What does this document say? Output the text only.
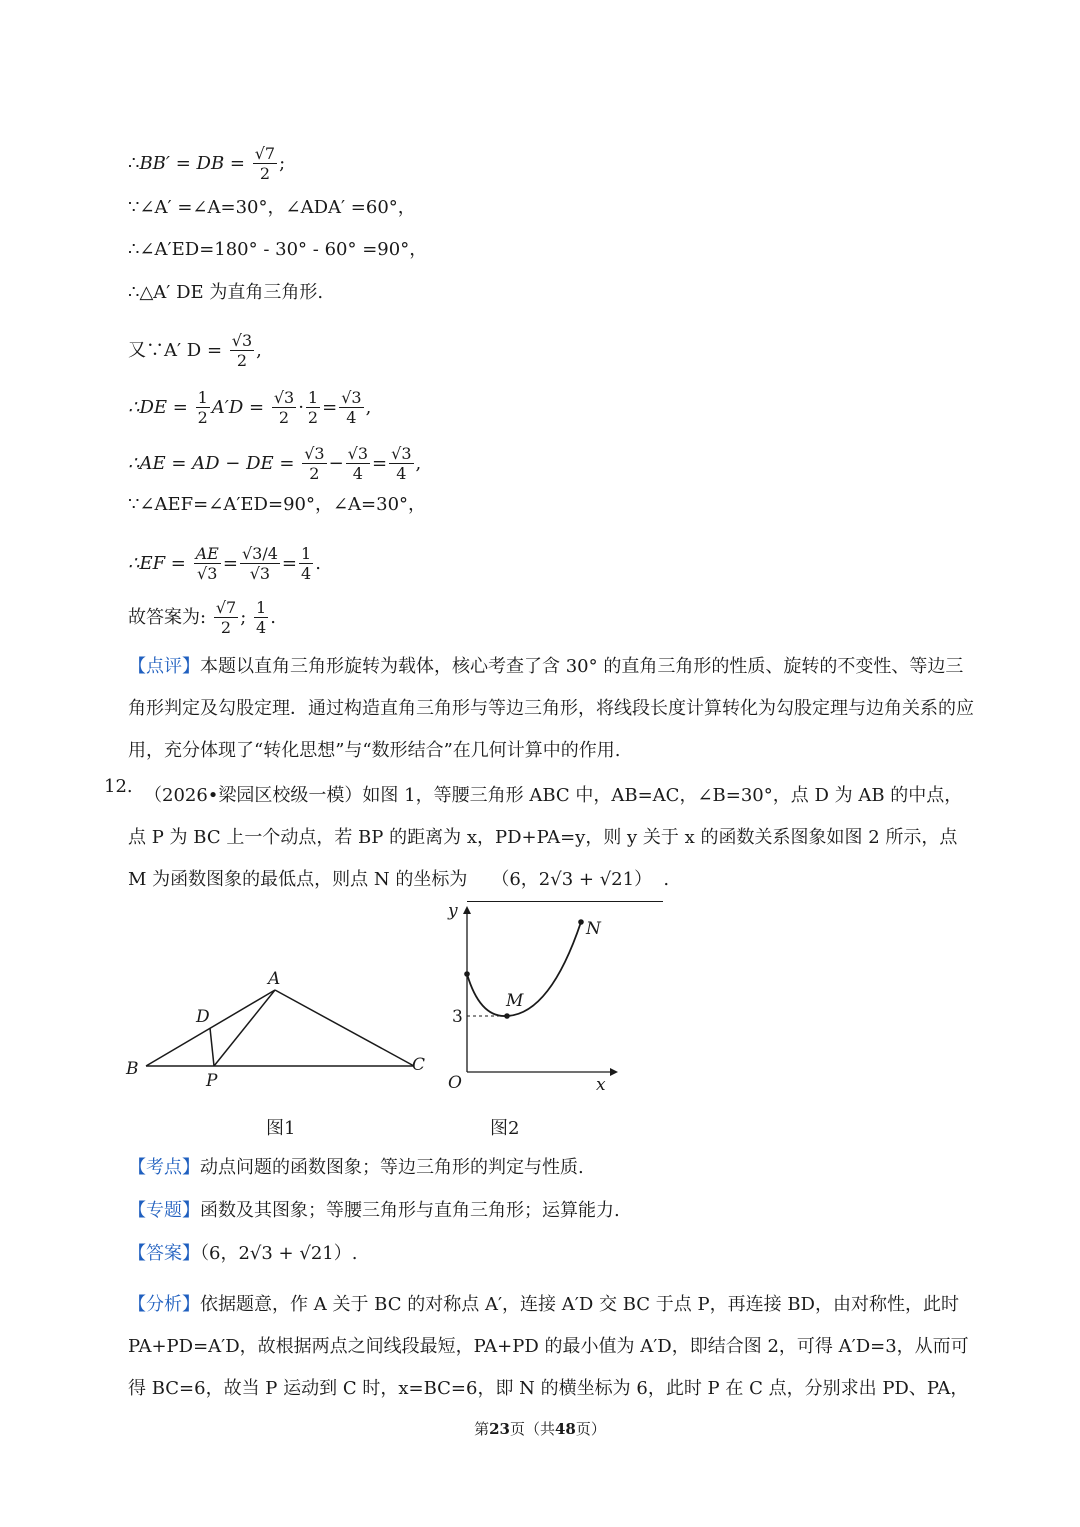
∴BB′ = DB = $\frac{√7}{2}$ ;
∵∠A′ =∠A=30°，∠ADA′ =60°，
∴∠A′ED=180° - 30° - 60° =90°，
∴△A′ DE 为直角三角形.
又∵A′ $D = \frac{√3}{2}$ ,
∴DE = $\frac{1}{2} A'D = \frac{√3}{2} \cdot \frac{1}{2} = \frac{√3}{4}$ ,
∴AE = AD − DE = $\frac{√3}{2} - \frac{√3}{4} = \frac{√3}{4}$ ,
∵∠AEF=∠A′ED=90°，∠A=30°，
∴EF = $\frac{AE}{√3} = \frac{√3/4}{√3} = \frac{1}{4}$ .
故答案为: $\frac{√7}{2}$ ; $\frac{1}{4}$ .
【点评】本题以直角三角形旋转为载体，核心考查了含 30° 的直角三角形的性质、旋转的不变性、等边三角形判定及勾股定理．通过构造直角三角形与等边三角形，将线段长度计算转化为勾股定理与边角关系的应用，充分体现了“转化思想”与“数形结合”在几何计算中的作用.
12. （2026•梁园区校级一模）如图 1，等腰三角形 ABC 中，AB=AC，∠B=30°，点 D 为 AB 的中点，点 P 为 BC 上一个动点，若 BP 的距离为 x，PD+PA=y，则 y 关于 x 的函数关系图象如图 2 所示，点 M 为函数图象的最低点，则点 N 的坐标为 （6，2√3 + √21） .
A
B	C
D
P
图1
y
x
O
M
N
3
图2
【考点】动点问题的函数图象；等边三角形的判定与性质.
【专题】函数及其图象；等腰三角形与直角三角形；运算能力.
【答案】（6，2√3 + √21）.
【分析】依据题意，作 A 关于 BC 的对称点 A′，连接 A′D 交 BC 于点 P，再连接 BD，由对称性，此时 PA+PD=A′D，故根据两点之间线段最短，PA+PD 的最小值为 A′D，即结合图 2，可得 A′D=3，从而可得 BC=6，故当 P 运动到 C 时，x=BC=6，即 N 的横坐标为 6，此时 P 在 C 点，分别求出 PD、PA，
第23页（共48页）
